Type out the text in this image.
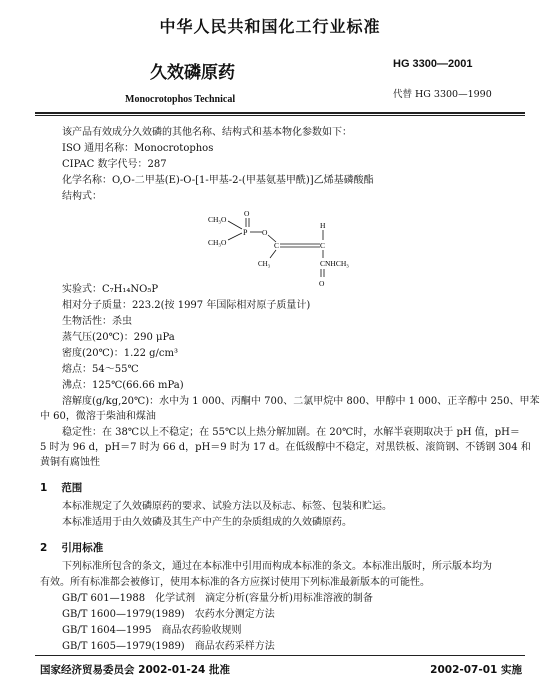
中华人民共和国化工行业标准
久效磷原药
Monocrotophos Technical
HG 3300—2001
代替 HG 3300—1990
该产品有效成分久效磷的其他名称、结构式和基本物化参数如下：
ISO 通用名称：Monocrotophos
CIPAC 数字代号：287
化学名称：O,O-二甲基(E)-O-[1-甲基-2-(甲基氨基甲酰)]乙烯基磷酸酯
结构式：
CH₃O
CH₃O
P
O
O
C	C
H
CH₃	CNHCH₃
O
实验式：C₇H₁₄NO₅P
相对分子质量：223.2(按 1997 年国际相对原子质量计)
生物活性：杀虫
蒸气压(20℃)：290 μPa
密度(20℃)：1.22 g/cm³
熔点：54～55℃
沸点：125℃(66.66 mPa)
溶解度(g/kg,20℃)：水中为 1 000、丙酮中 700、二氯甲烷中 800、甲醇中 1 000、正辛醇中 250、甲苯
中 60，微溶于柴油和煤油
稳定性：在 38℃以上不稳定；在 55℃以上热分解加剧。在 20℃时，水解半衰期取决于 pH 值，pH＝
5 时为 96 d，pH＝7 时为 66 d，pH＝9 时为 17 d。在低级醇中不稳定，对黑铁板、滚筒钢、不锈钢 304 和
黄铜有腐蚀性
1 范围
本标准规定了久效磷原药的要求、试验方法以及标志、标签、包装和贮运。
本标准适用于由久效磷及其生产中产生的杂质组成的久效磷原药。
2 引用标准
下列标准所包含的条文，通过在本标准中引用而构成本标准的条文。本标准出版时，所示版本均为
有效。所有标准都会被修订，使用本标准的各方应探讨使用下列标准最新版本的可能性。
GB/T 601—1988　化学试剂　滴定分析(容量分析)用标准溶液的制备
GB/T 1600—1979(1989)　农药水分测定方法
GB/T 1604—1995　商品农药验收规则
GB/T 1605—1979(1989)　商品农药采样方法
国家经济贸易委员会 2002-01-24 批准	2002-07-01 实施
